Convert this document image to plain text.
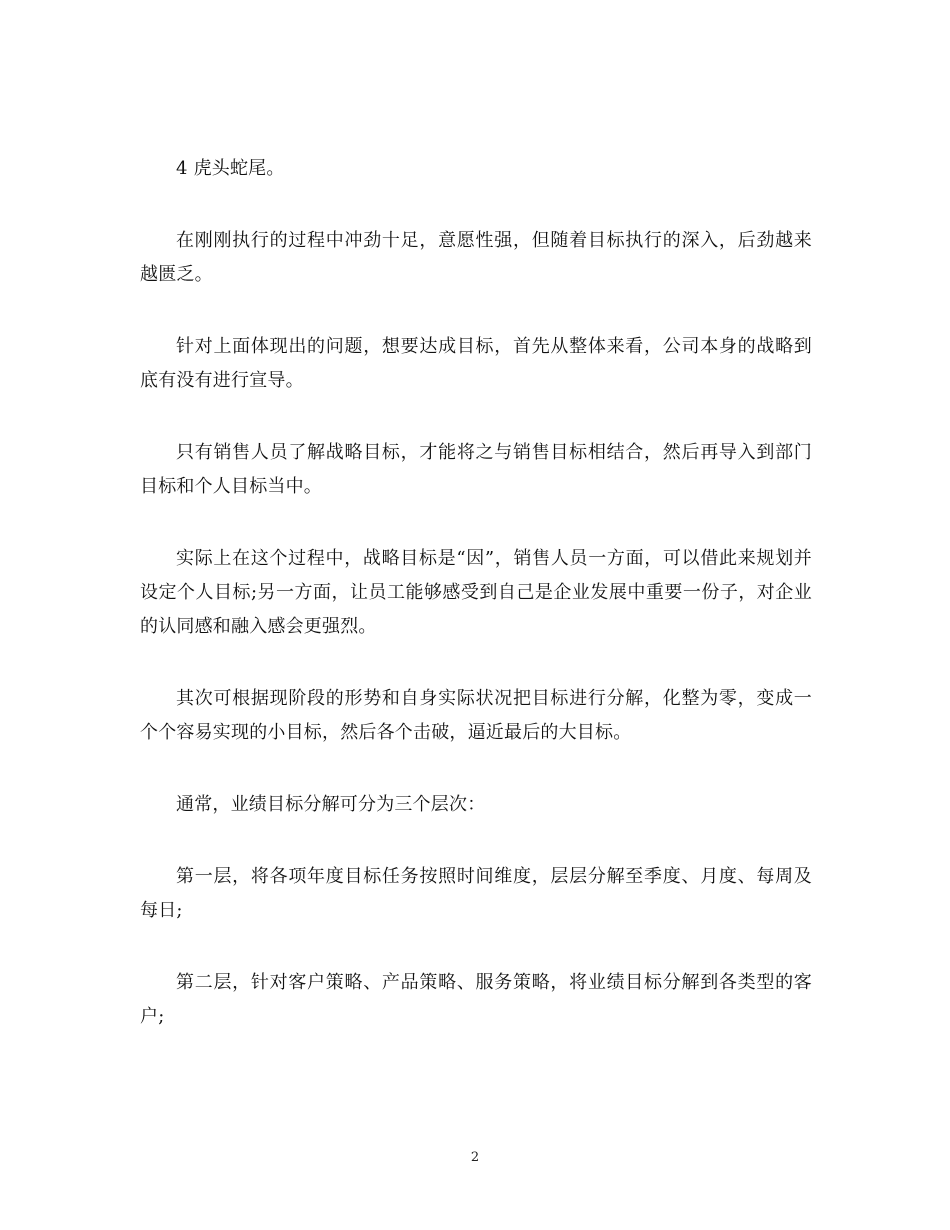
4 虎头蛇尾。

在刚刚执行的过程中冲劲十足，意愿性强，但随着目标执行的深入，后劲越来越匮乏。

针对上面体现出的问题，想要达成目标，首先从整体来看，公司本身的战略到底有没有进行宣导。

只有销售人员了解战略目标，才能将之与销售目标相结合，然后再导入到部门目标和个人目标当中。

实际上在这个过程中，战略目标是“因”，销售人员一方面，可以借此来规划并设定个人目标;另一方面，让员工能够感受到自己是企业发展中重要一份子，对企业的认同感和融入感会更强烈。

其次可根据现阶段的形势和自身实际状况把目标进行分解，化整为零，变成一个个容易实现的小目标，然后各个击破，逼近最后的大目标。

通常，业绩目标分解可分为三个层次：

第一层，将各项年度目标任务按照时间维度，层层分解至季度、月度、每周及每日;

第二层，针对客户策略、产品策略、服务策略，将业绩目标分解到各类型的客户;

2
